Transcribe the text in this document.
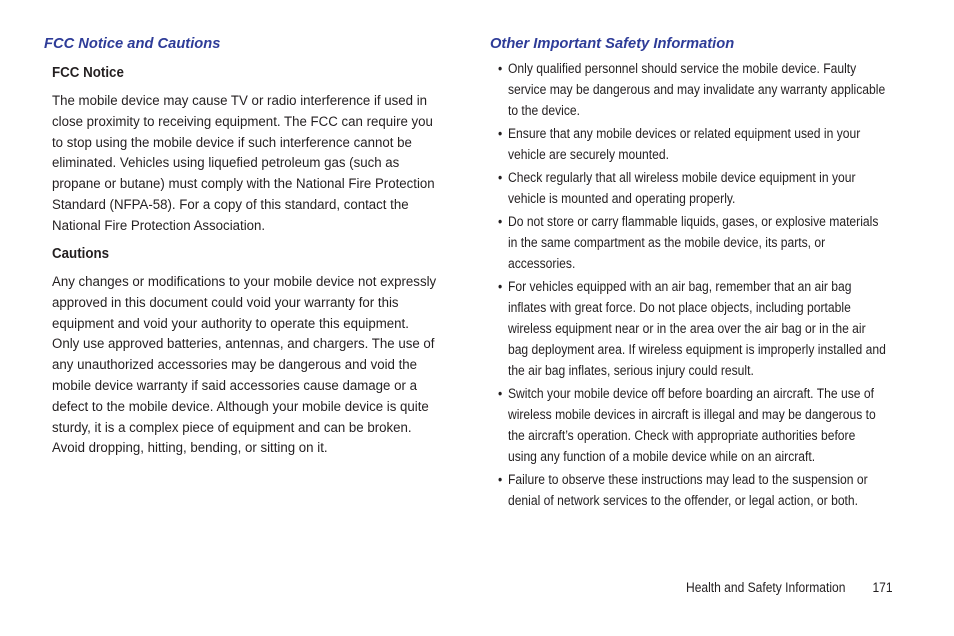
FCC Notice and Cautions
FCC Notice
The mobile device may cause TV or radio interference if used in
close proximity to receiving equipment. The FCC can require you
to stop using the mobile device if such interference cannot be
eliminated. Vehicles using liquefied petroleum gas (such as
propane or butane) must comply with the National Fire Protection
Standard (NFPA-58). For a copy of this standard, contact the
National Fire Protection Association.
Cautions
Any changes or modifications to your mobile device not expressly
approved in this document could void your warranty for this
equipment and void your authority to operate this equipment.
Only use approved batteries, antennas, and chargers. The use of
any unauthorized accessories may be dangerous and void the
mobile device warranty if said accessories cause damage or a
defect to the mobile device. Although your mobile device is quite
sturdy, it is a complex piece of equipment and can be broken.
Avoid dropping, hitting, bending, or sitting on it.
Other Important Safety Information
• Only qualified personnel should service the mobile device. Faulty
service may be dangerous and may invalidate any warranty applicable
to the device.
• Ensure that any mobile devices or related equipment used in your
vehicle are securely mounted.
• Check regularly that all wireless mobile device equipment in your
vehicle is mounted and operating properly.
• Do not store or carry flammable liquids, gases, or explosive materials
in the same compartment as the mobile device, its parts, or
accessories.
• For vehicles equipped with an air bag, remember that an air bag
inflates with great force. Do not place objects, including portable
wireless equipment near or in the area over the air bag or in the air
bag deployment area. If wireless equipment is improperly installed and
the air bag inflates, serious injury could result.
• Switch your mobile device off before boarding an aircraft. The use of
wireless mobile devices in aircraft is illegal and may be dangerous to
the aircraft’s operation. Check with appropriate authorities before
using any function of a mobile device while on an aircraft.
• Failure to observe these instructions may lead to the suspension or
denial of network services to the offender, or legal action, or both.
Health and Safety Information 171
